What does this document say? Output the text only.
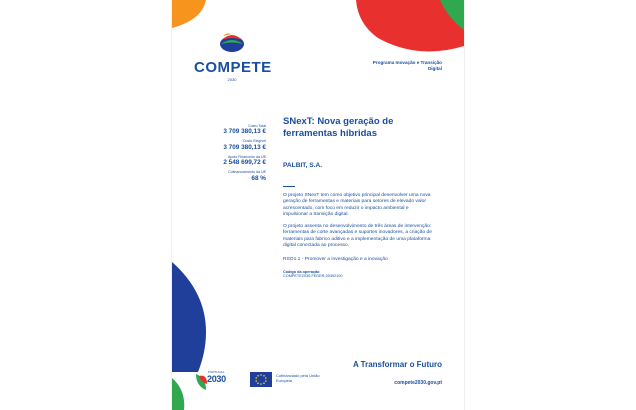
COMPETE
2030
Programa Inovação e Transição Digital
Custo Total
3 709 380,13 €
Custo Elegível
3 709 380,13 €
Apoio Financeiro da UE
2 548 699,72 €
Cofinanciamento da UE
68 %
SNexT: Nova geração de ferramentas híbridas
PALBIT, S.A.

O projeto SNexT tem como objetivo principal desenvolver uma nova geração de ferramentas e materiais para setores de elevado valor acrescentado, com foco em reduzir o impacto ambiental e impulsionar a transição digital.

O projeto assenta no desenvolvimento de três áreas de intervenção: ferramentas de corte avançadas e suportes inovadores, a criação de materiais para fabrico aditivo e a implementação de uma plataforma digital conectada ao processo.

RSO1.1 - Promover a investigação e a inovação
Código da operação
COMPETE2030-FEDER-00392100
PORTUGAL
2030	Cofinanciado pela União Europeia
A Transformar o Futuro
compete2030.gov.pt
